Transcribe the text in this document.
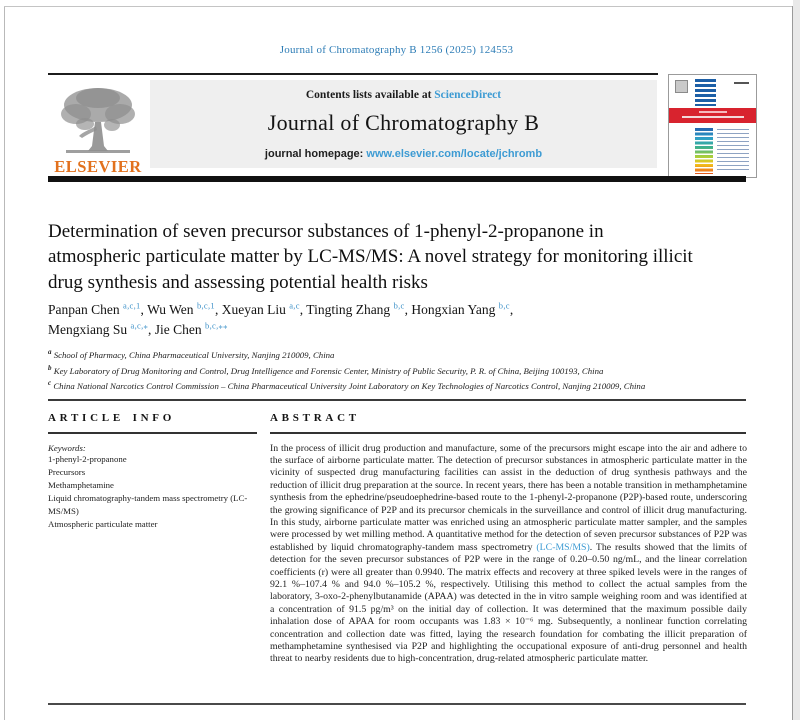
Journal of Chromatography B 1256 (2025) 124553
ELSEVIER
Contents lists available at ScienceDirect
Journal of Chromatography B
journal homepage: www.elsevier.com/locate/jchromb
Determination of seven precursor substances of 1-phenyl-2-propanone in atmospheric particulate matter by LC-MS/MS: A novel strategy for monitoring illicit drug synthesis and assessing potential health risks
Panpan Chen $^{a,c,1}$, Wu Wen $^{b,c,1}$, Xueyan Liu $^{a,c}$, Tingting Zhang $^{b,c}$, Hongxian Yang $^{b,c}$,
Mengxiang Su $^{a,c,⁎}$, Jie Chen $^{b,c,⁎⁎}$
$^a$ School of Pharmacy, China Pharmaceutical University, Nanjing 210009, China
$^b$ Key Laboratory of Drug Monitoring and Control, Drug Intelligence and Forensic Center, Ministry of Public Security, P. R. of China, Beijing 100193, China
$^c$ China National Narcotics Control Commission – China Pharmaceutical University Joint Laboratory on Key Technologies of Narcotics Control, Nanjing 210009, China
ARTICLE INFO
Keywords:
1-phenyl-2-propanone
Precursors
Methamphetamine
Liquid chromatography-tandem mass spectrometry (LC-MS/MS)
Atmospheric particulate matter
ABSTRACT
In the process of illicit drug production and manufacture, some of the precursors might escape into the air and adhere to the surface of airborne particulate matter. The detection of precursor substances in atmospheric particulate matter in the vicinity of suspected drug manufacturing facilities can assist in the deduction of drug synthesis pathways and the reduction of illicit drug preparation at the source. In recent years, there has been a notable transition in methamphetamine synthesis from the ephedrine/pseudoephedrine-based route to the 1-phenyl-2-propanone (P2P)-based route, underscoring the growing significance of P2P and its precursor chemicals in the surveillance and control of illicit drug manufacturing. In this study, airborne particulate matter was enriched using an atmospheric particulate matter sampler, and the samples were processed by wet milling method. A quantitative method for the detection of seven precursor substances of P2P was established by liquid chromatography-tandem mass spectrometry (LC-MS/MS). The results showed that the limits of detection for the seven precursor substances of P2P were in the range of 0.20–0.50 ng/mL, and the linear correlation coefficients (r) were all greater than 0.9940. The matrix effects and recovery at three spiked levels were in the ranges of 92.1 %–107.4 % and 94.0 %–105.2 %, respectively. Utilising this method to collect the actual samples from the laboratory, 3-oxo-2-phenylbutanamide (APAA) was detected in the in vitro sample weighing room and was identified at a concentration of 91.5 pg/m³ on the initial day of collection. It was determined that the maximum possible daily inhalation dose of APAA for room occupants was 1.83 × 10⁻⁶ mg. Subsequently, a nonlinear function correlating concentration and collection date was fitted, laying the research foundation for combating the illicit preparation of methamphetamine synthesised via P2P and highlighting the occupational exposure of anti-drug personnel and health threat to nearby residents due to high-concentration, drug-related atmospheric particulate matter.
